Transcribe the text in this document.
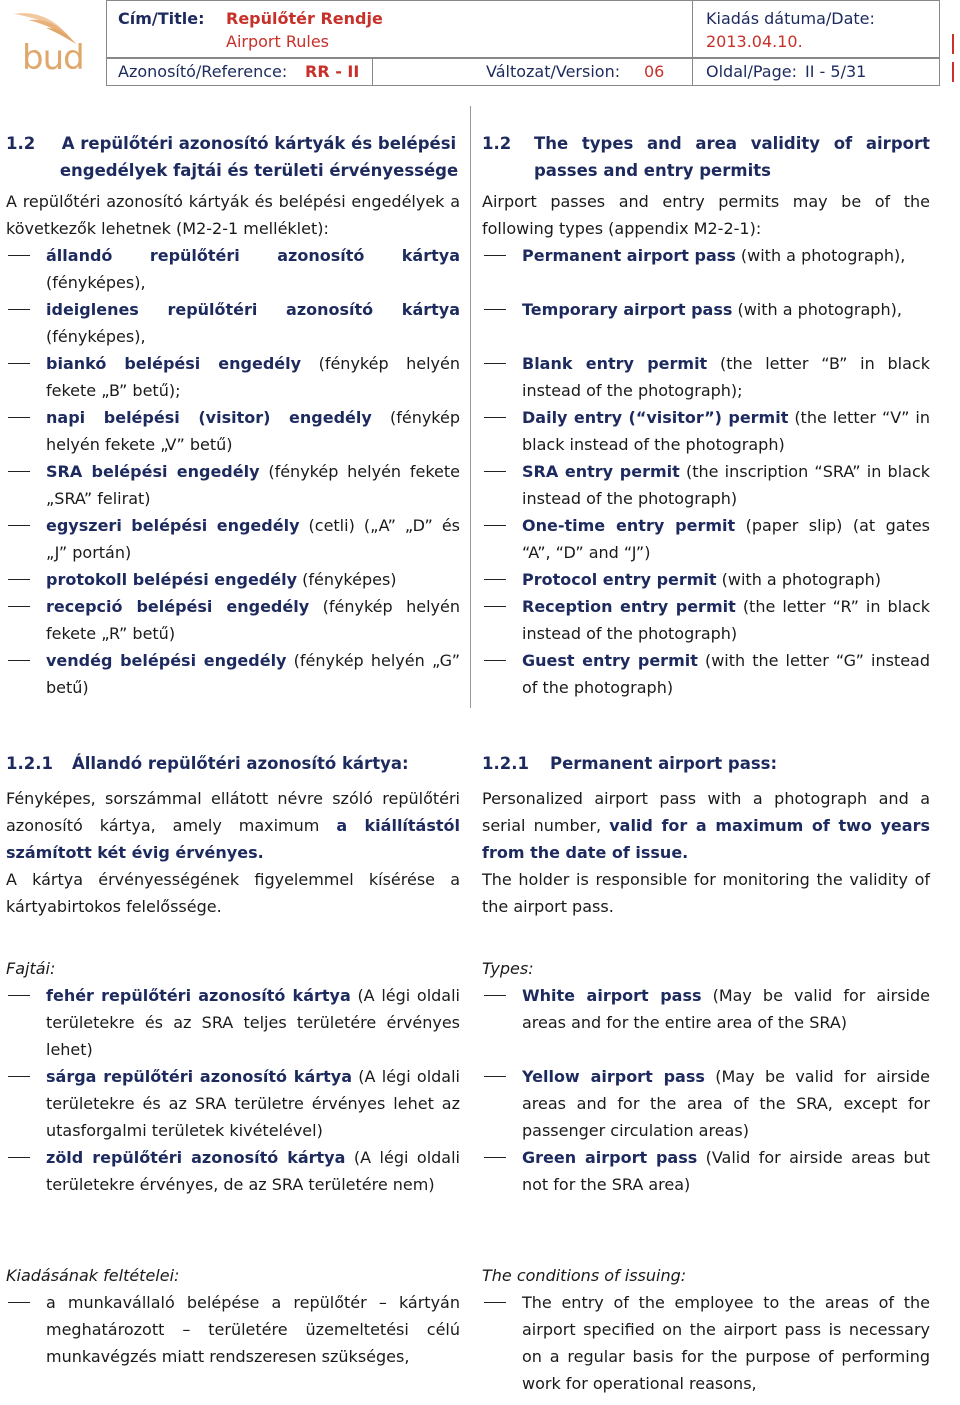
bud
Cím/Title: Repülőtér Rendje
Airport Rules
Kiadás dátuma/Date:
2013.04.10.
Azonosító/Reference: RR - II	Változat/Version: 06	Oldal/Page: II - 5/31
1.2	A repülőtéri azonosító kártyák és belépési engedélyek fajtái és területi érvényessége
A repülőtéri azonosító kártyák és belépési engedélyek a következők lehetnek (M2-2-1 melléklet):
állandó repülőtéri azonosító kártya (fényképes),
ideiglenes repülőtéri azonosító kártya (fényképes),
biankó belépési engedély (fénykép helyén fekete „B” betű);
napi belépési (visitor) engedély (fénykép helyén fekete „V” betű)
SRA belépési engedély (fénykép helyén fekete „SRA” felirat)
egyszeri belépési engedély (cetli) („A” „D” és „J” portán)
protokoll belépési engedély (fényképes)
recepció belépési engedély (fénykép helyén fekete „R” betű)
vendég belépési engedély (fénykép helyén „G” betű)
1.2	The types and area validity of airport passes and entry permits
Airport passes and entry permits may be of the following types (appendix M2-2-1):
Permanent airport pass (with a photograph),
Temporary airport pass (with a photograph),
Blank entry permit (the letter “B” in black instead of the photograph);
Daily entry (“visitor”) permit (the letter “V” in black instead of the photograph)
SRA entry permit (the inscription “SRA” in black instead of the photograph)
One-time entry permit (paper slip) (at gates “A”, “D” and “J”)
Protocol entry permit (with a photograph)
Reception entry permit (the letter “R” in black instead of the photograph)
Guest entry permit (with the letter “G” instead of the photograph)
1.2.1	Állandó repülőtéri azonosító kártya:
Fényképes, sorszámmal ellátott névre szóló repülőtéri azonosító kártya, amely maximum a kiállítástól számított két évig érvényes.
A kártya érvényességének figyelemmel kísérése a kártyabirtokos felelőssége.
Fajtái:
fehér repülőtéri azonosító kártya (A légi oldali területekre és az SRA teljes területére érvényes lehet)
sárga repülőtéri azonosító kártya (A légi oldali területekre és az SRA területre érvényes lehet az utasforgalmi területek kivételével)
zöld repülőtéri azonosító kártya (A légi oldali területekre érvényes, de az SRA területére nem)
Kiadásának feltételei:
a munkavállaló belépése a repülőtér – kártyán meghatározott – területére üzemeltetési célú munkavégzés miatt rendszeresen szükséges,
1.2.1	Permanent airport pass:
Personalized airport pass with a photograph and a serial number, valid for a maximum of two years from the date of issue.
The holder is responsible for monitoring the validity of the airport pass.
Types:
White airport pass (May be valid for airside areas and for the entire area of the SRA)
Yellow airport pass (May be valid for airside areas and for the area of the SRA, except for passenger circulation areas)
Green airport pass (Valid for airside areas but not for the SRA area)
The conditions of issuing:
The entry of the employee to the areas of the airport specified on the airport pass is necessary on a regular basis for the purpose of performing work for operational reasons,
